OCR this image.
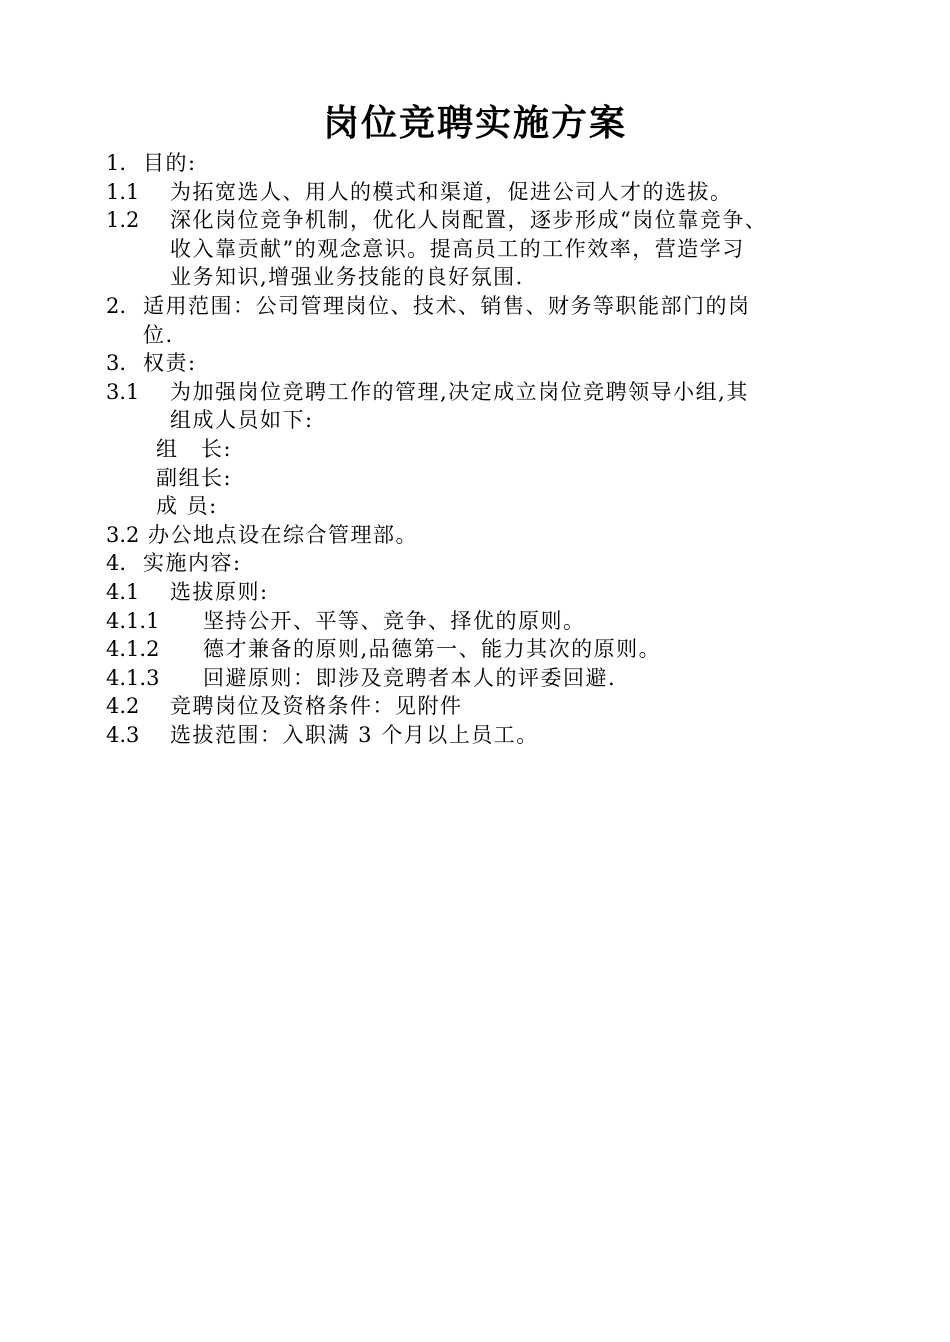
岗位竞聘实施方案
1. 目的:
1.1 为拓宽选人、用人的模式和渠道，促进公司人才的选拔。
1.2 深化岗位竞争机制，优化人岗配置，逐步形成“岗位靠竞争、
收入靠贡献”的观念意识。提高员工的工作效率，营造学习
业务知识,增强业务技能的良好氛围.
2. 适用范围：公司管理岗位、技术、销售、财务等职能部门的岗
位.
3. 权责:
3.1 为加强岗位竞聘工作的管理,决定成立岗位竞聘领导小组,其
组成人员如下:
组　长:
副组长:
成 员:
3.2 办公地点设在综合管理部。
4. 实施内容:
4.1 选拔原则:
4.1.1 坚持公开、平等、竞争、择优的原则。
4.1.2 德才兼备的原则,品德第一、能力其次的原则。
4.1.3 回避原则：即涉及竞聘者本人的评委回避.
4.2 竞聘岗位及资格条件：见附件
4.3 选拔范围：入职满 3 个月以上员工。
